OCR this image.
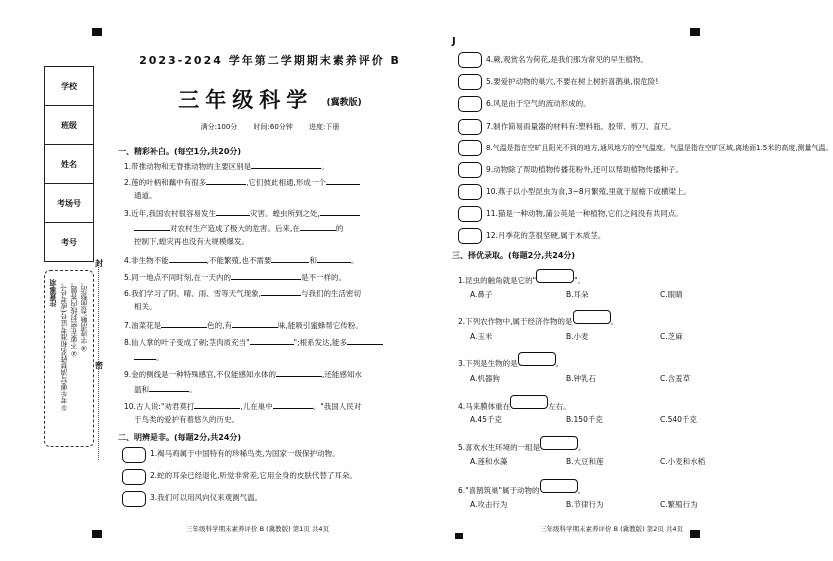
J
学校
班级
姓名
考场号
考号
封
密
注意事项 ①考生要写清楚姓名和准考证号(或考号)。 ②不要在密封线内答题。 ③字迹清晰,卷面整洁。
2023-2024 学年第二学期期末素养评价 B
三年级科学 (冀教版)
满分:100分 时间:60分钟 进度:下册
一、精彩补白。(每空1分,共20分)
1.带推动物和无脊推动物的主要区别是	。
2.莲的叶柄和藕中有很多	,它们彼此相通,形成一个
通道。
3.近年,我国农村很容易发生	灾害。蝗虫所到之处,
对农村生产造成了极大的危害。后来,在	的
控制下,蝗灾再也没有大规模爆发。
4.非生物不能	,不能繁殖,也不需要	和	。
5.同一地点不同时刻,在一天内的	是不一样的。
6.我们学习了阴、晴、雨、雪等天气现象,	与我们的生活密切
相关。
7.油菜花是	色的,有	味,能吸引蜜蜂帮它传粉。
8.仙人掌的叶子变成了刺;茎肉质充当"	";根系发达,能多
。
9.金的侧线是一种特殊感官,不仅能感知水体的	,还能感知水
温和	。
10.古人说:"劝君莫打	,儿在巢中	。"我国人民对
于鸟类的爱护有着悠久的历史。
二、明辨是非。(每题2分,共24分)
1.褐马鸡属于中国特有的珍稀鸟类,为国家一级保护动物。
2.蛇的耳朵已经退化,听觉非常差,它用全身的皮肤代替了耳朵。
3.我们可以用风向仪来观测气温。
三年级科学期末素养评价 B (冀教版) 第1页 共4页
4.蕨,观赏名为荷花,是我们那为常见的早生植物。
5.要爱护动物的巢穴,不要在树上树折喜鹊巢,很危险!
6.风是由于空气的流动形成的。
7.制作简易雨量器的材料有:塑料瓶、胶带、剪刀、直尺。
8.气温是指在空旷且阳光不到的地方,通风地方的空气温度。气温是指在空旷区域,离地面1.5米的高度,测量气温。
9.动物除了帮助植物传播花粉外,还可以帮助植物传播种子。
10.燕子以小型昆虫为食,3~8月繁殖,里就于屋檐下或横梁上。
11.猫是一种动物,蒲公英是一种植物,它们之间没有共同点。
12.月季花的茎很坚硬,属于木质茎。
三、择优录取。(每题2分,共24分)
1.昆虫的触角就是它的"	"。
A.鼻子	B.耳朵	C.眼睛
2.下列农作物中,属于经济作物的是	。
A.玉米	B.小麦	C.芝麻
3.下列是生物的是	。
A.机器狗	B.钟乳石	C.含羞草
4.马来膜体重在	左右。
A.45千克	B.150千克	C.540千克
5.喜欢水生环境的一组是	。
A.莲和水藻	B.大豆和莲	C.小麦和水稻
6."喜鹊筑巢"属于动物的	。
A.攻击行为	B.节律行为	C.繁殖行为
三年级科学期末素养评价 B (冀教版) 第2页 共4页
